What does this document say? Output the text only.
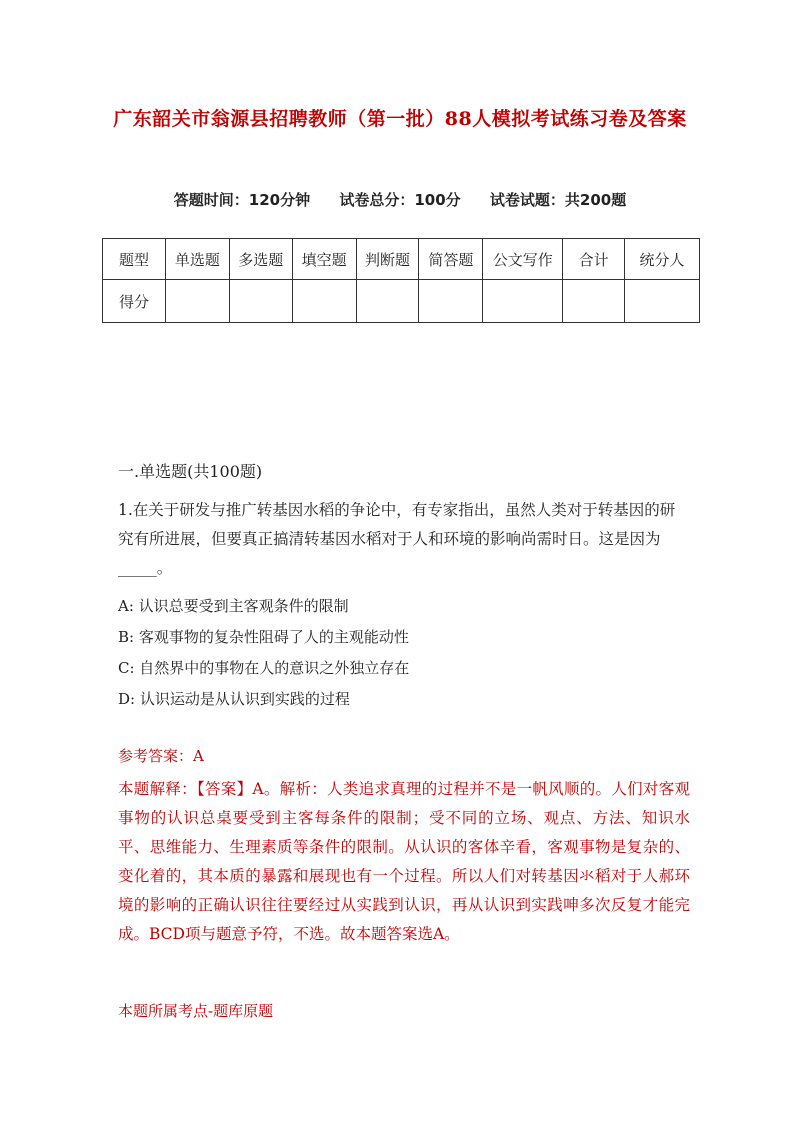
广东韶关市翁源县招聘教师（第一批）88人模拟考试练习卷及答案
答题时间：120分钟 试卷总分：100分 试卷试题：共200题
题型	单选题	多选题	填空题	判断题	简答题	公文写作	合计	统分人
得分								
一.单选题(共100题)
1.在关于研发与推广转基因水稻的争论中，有专家指出，虽然人类对于转基因的研究有所进展，但要真正搞清转基因水稻对于人和环境的影响尚需时日。这是因为_____。
A: 认识总要受到主客观条件的限制
B: 客观事物的复杂性阻碍了人的主观能动性
C: 自然界中的事物在人的意识之外独立存在
D: 认识运动是从认识到实践的过程
参考答案：A
本题解释：【答案】A。解析：人类追求真理的过程并不是一帆风顺的。人们对客观事物的认识总桌要受到主客每条件的限制；受不同的立场、观点、方法、知识水平、思维能力、生理素质等条件的限制。从认识的客体辛看，客观事物是复杂的、变化着的，其本质的暴露和展现也有一个过程。所以人们对转基因氺稻对于人郝环境的影响的正确认识往往要经过从实践到认识，再从认识到实践呻多次反复才能完成。BCD项与题意予符，不选。故本题答案选A。
本题所属考点-题库原题
